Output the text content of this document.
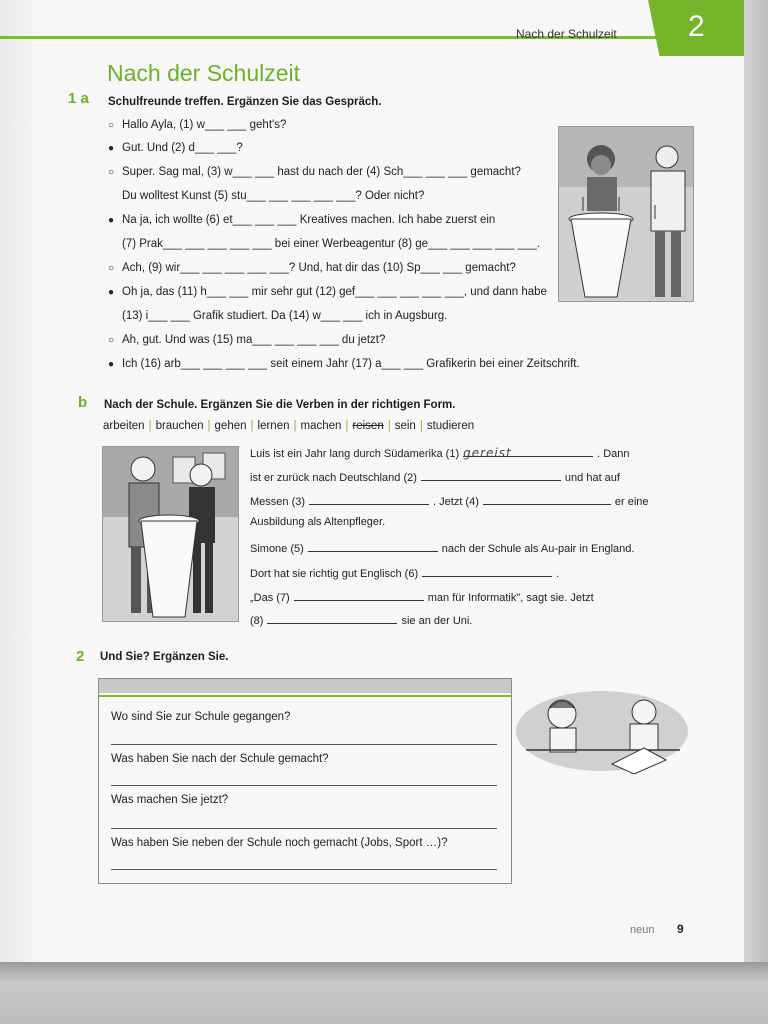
Nach der Schulzeit 2
Nach der Schulzeit
1 a Schulfreunde treffen. Ergänzen Sie das Gespräch.
○ Hallo Ayla, (1) w___ ___ geht's?
● Gut. Und (2) d___ ___?
○ Super. Sag mal, (3) w___ ___ hast du nach der (4) Sch___ ___ ___ gemacht?
Du wolltest Kunst (5) stu___ ___ ___ ___ ___? Oder nicht?
● Na ja, ich wollte (6) et___ ___ ___ Kreatives machen. Ich habe zuerst ein
(7) Prak___ ___ ___ ___ ___ bei einer Werbeagentur (8) ge___ ___ ___ ___ ___.
○ Ach, (9) wir___ ___ ___ ___ ___? Und, hat dir das (10) Sp___ ___ gemacht?
● Oh ja, das (11) h___ ___ mir sehr gut (12) gef___ ___ ___ ___ ___, und dann habe
(13) i___ ___ Grafik studiert. Da (14) w___ ___ ich in Augsburg.
○ Ah, gut. Und was (15) ma___ ___ ___ ___ du jetzt?
● Ich (16) arb___ ___ ___ ___ seit einem Jahr (17) a___ ___ Grafikerin bei einer Zeitschrift.
b Nach der Schule. Ergänzen Sie die Verben in der richtigen Form.
arbeiten | brauchen | gehen | lernen | machen | reisen | sein | studieren
Luis ist ein Jahr lang durch Südamerika (1) gereist	. Dann
ist er zurück nach Deutschland (2)	und hat auf
Messen (3)	. Jetzt (4)	er eine
Ausbildung als Altenpfleger.
Simone (5)	nach der Schule als Au-pair in England.
Dort hat sie richtig gut Englisch (6)	.
„Das (7)	man für Informatik", sagt sie. Jetzt
(8)	sie an der Uni.
2 Und Sie? Ergänzen Sie.
Wo sind Sie zur Schule gegangen?
Was haben Sie nach der Schule gemacht?
Was machen Sie jetzt?
Was haben Sie neben der Schule noch gemacht (Jobs, Sport …)?
neun 9
